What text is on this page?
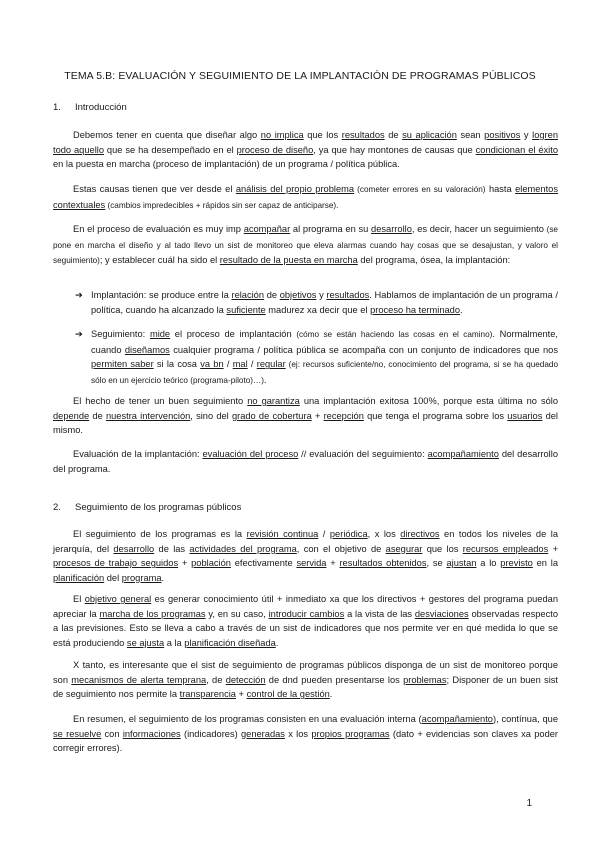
TEMA 5.B: EVALUACIÓN Y SEGUIMIENTO DE LA IMPLANTACIÓN DE PROGRAMAS PÚBLICOS
1. Introducción

Debemos tener en cuenta que diseñar algo no implica que los resultados de su aplicación sean positivos y logren todo aquello que se ha desempeñado en el proceso de diseño, ya que hay montones de causas que condicionan el éxito en la puesta en marcha (proceso de implantación) de un programa / política pública.

Estas causas tienen que ver desde el análisis del propio problema (cometer errores en su valoración) hasta elementos contextuales (cambios impredecibles + rápidos sin ser capaz de anticiparse).

En el proceso de evaluación es muy imp acompañar al programa en su desarrollo, es decir, hacer un seguimiento (se pone en marcha el diseño y al tado llevo un sist de monitoreo que eleva alarmas cuando hay cosas que se desajustan, y valoro el seguimiento); y establecer cuál ha sido el resultado de la puesta en marcha del programa, ósea, la implantación:

➔ Implantación: se produce entre la relación de objetivos y resultados. Hablamos de implantación de un programa / política, cuando ha alcanzado la suficiente madurez xa decir que el proceso ha terminado.
➔ Seguimiento: mide el proceso de implantación (cómo se están haciendo las cosas en el camino). Normalmente, cuando diseñamos cualquier programa / política pública se acompaña con un conjunto de indicadores que nos permiten saber si la cosa va bn / mal / regular (ej: recursos suficiente/no, conocimiento del programa, si se ha quedado sólo en un ejercicio teórico (programa-piloto)…).

El hecho de tener un buen seguimiento no garantiza una implantación exitosa 100%, porque esta última no sólo depende de nuestra intervención, sino del grado de cobertura + recepción que tenga el programa sobre los usuarios del mismo.

Evaluación de la implantación: evaluación del proceso // evaluación del seguimiento: acompañamiento del desarrollo del programa.

2. Seguimiento de los programas públicos

El seguimiento de los programas es la revisión continua / periódica, x los directivos en todos los niveles de la jerarquía, del desarrollo de las actividades del programa, con el objetivo de asegurar que los recursos empleados + procesos de trabajo seguidos + población efectivamente servida + resultados obtenidos, se ajustan a lo previsto en la planificación del programa.

El objetivo general es generar conocimiento útil + inmediato xa que los directivos + gestores del programa puedan apreciar la marcha de los programas y, en su caso, introducir cambios a la vista de las desviaciones observadas respecto a las previsiones. Esto se lleva a cabo a través de un sist de indicadores que nos permite ver en qué medida lo que se está produciendo se ajusta a la planificación diseñada.

X tanto, es interesante que el sist de seguimiento de programas públicos disponga de un sist de monitoreo porque son mecanismos de alerta temprana, de detección de dnd pueden presentarse los problemas; Disponer de un buen sist de seguimiento nos permite la transparencia + control de la gestión.

En resumen, el seguimiento de los programas consisten en una evaluación interna (acompañamiento), contínua, que se resuelve con informaciones (indicadores) generadas x los propios programas (dato + evidencias son claves xa poder corregir errores).

1
